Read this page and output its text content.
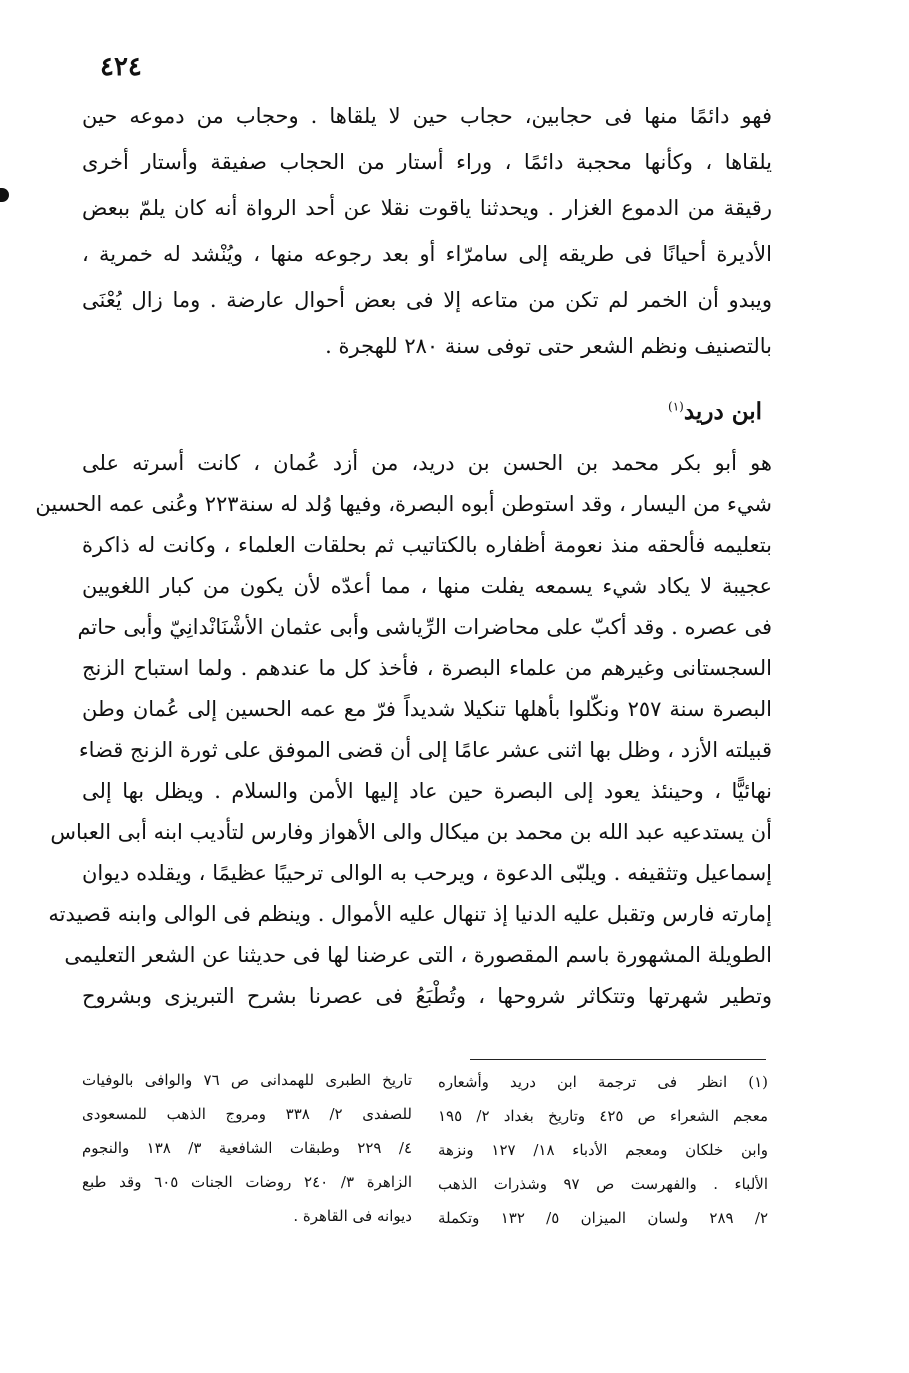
٤٢٤
فهو دائمًا منها فى حجابين، حجاب حين لا يلقاها . وحجاب من دموعه حين
يلقاها ، وكأنها محجبة دائمًا ، وراء أستار من الحجاب صفيقة وأستار أخرى
رقيقة من الدموع الغزار . ويحدثنا ياقوت نقلا عن أحد الرواة أنه كان يلمّ ببعض
الأديرة أحيانًا فى طريقه إلى سامرّاء أو بعد رجوعه منها ، ويُنْشد له خمرية ،
ويبدو أن الخمر لم تكن من متاعه إلا فى بعض أحوال عارضة . وما زال يُعْنَى
بالتصنيف ونظم الشعر حتى توفى سنة ٢٨٠ للهجرة .
ابن دريد$^{(١)}$
هو أبو بكر محمد بن الحسن بن دريد، من أزد عُمان ، كانت أسرته على
شيء من اليسار ، وقد استوطن أبوه البصرة، وفيها وُلد له سنة٢٢٣ وعُنى عمه الحسين
بتعليمه فألحقه منذ نعومة أظفاره بالكتاتيب ثم بحلقات العلماء ، وكانت له ذاكرة
عجيبة لا يكاد شيء يسمعه يفلت منها ، مما أعدّه لأن يكون من كبار اللغويين
فى عصره . وقد أكبّ على محاضرات الرِّياشى وأبى عثمان الأشْنَانْدانِيّ وأبى حاتم
السجستانى وغيرهم من علماء البصرة ، فأخذ كل ما عندهم . ولما استباح الزنج
البصرة سنة ٢٥٧ ونكّلوا بأهلها تنكيلا شديداً فرّ مع عمه الحسين إلى عُمان وطن
قبيلته الأزد ، وظل بها اثنى عشر عامًا إلى أن قضى الموفق على ثورة الزنج قضاء
نهائيًّا ، وحينئذ يعود إلى البصرة حين عاد إليها الأمن والسلام . ويظل بها إلى
أن يستدعيه عبد الله بن محمد بن ميكال والى الأهواز وفارس لتأديب ابنه أبى العباس
إسماعيل وتثقيفه . ويلبّى الدعوة ، ويرحب به الوالى ترحيبًا عظيمًا ، ويقلده ديوان
إمارته فارس وتقبل عليه الدنيا إذ تنهال عليه الأموال . وينظم فى الوالى وابنه قصيدته
الطويلة المشهورة باسم المقصورة ، التى عرضنا لها فى حديثنا عن الشعر التعليمى
وتطير شهرتها وتتكاثر شروحها ، وتُطْبَعُ فى عصرنا بشرح التبريزى وبشروح
(١) انظر فى ترجمة ابن دريد وأشعاره
معجم الشعراء ص ٤٢٥ وتاريخ بغداد ٢/ ١٩٥
وابن خلكان ومعجم الأدباء ١٨/ ١٢٧ ونزهة
الألباء . والفهرست ص ٩٧ وشذرات الذهب
٢/ ٢٨٩ ولسان الميزان ٥/ ١٣٢ وتكملة
تاريخ الطبرى للهمدانى ص ٧٦ والوافى بالوفيات
للصفدى ٢/ ٣٣٨ ومروج الذهب للمسعودى
٤/ ٢٢٩ وطبقات الشافعية ٣/ ١٣٨ والنجوم
الزاهرة ٣/ ٢٤٠ روضات الجنات ٦٠٥ وقد طبع
ديوانه فى القاهرة .
